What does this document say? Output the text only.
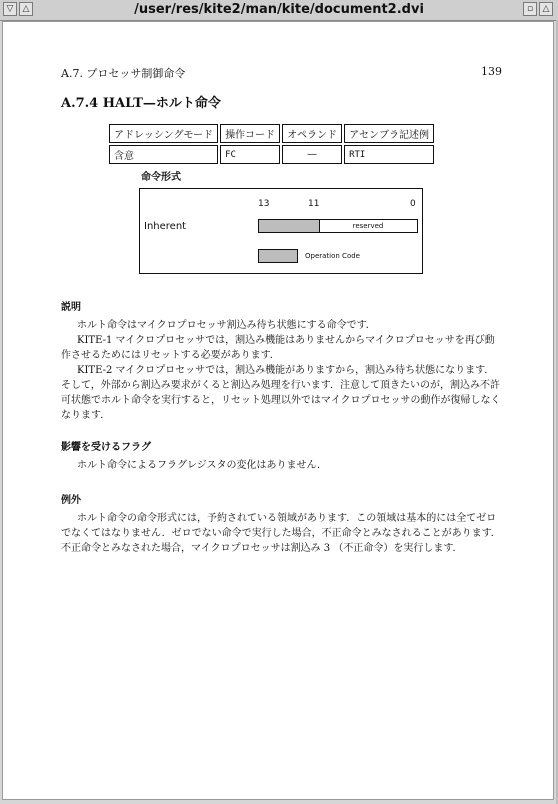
▽	△	/user/res/kite2/man/kite/document2.dvi	▫	△
A.7. プロセッサ制御命令	139
A.7.4 HALT—ホルト命令
アドレッシングモード	操作コード	オペランド	アセンブラ記述例
含意	FC	—	RTI
命令形式
13	11	0
Inherent	reserved
Operation Code
説明
ホルト命令はマイクロプロセッサ割込み待ち状態にする命令です．
KITE-1 マイクロプロセッサでは，割込み機能はありませんからマイクロプロセッサを再び動作させるためにはリセットする必要があります．
KITE-2 マイクロプロセッサでは，割込み機能がありますから，割込み待ち状態になります．そして，外部から割込み要求がくると割込み処理を行います．注意して頂きたいのが，割込み不許可状態でホルト命令を実行すると，リセット処理以外ではマイクロプロセッサの動作が復帰しなくなります．
影響を受けるフラグ
ホルト命令によるフラグレジスタの変化はありません．
例外
ホルト命令の命令形式には，予約されている領域があります．この領域は基本的には全てゼロでなくてはなりません．ゼロでない命令で実行した場合，不正命令とみなされることがあります．不正命令とみなされた場合，マイクロプロセッサは割込み 3 （不正命令）を実行します．
